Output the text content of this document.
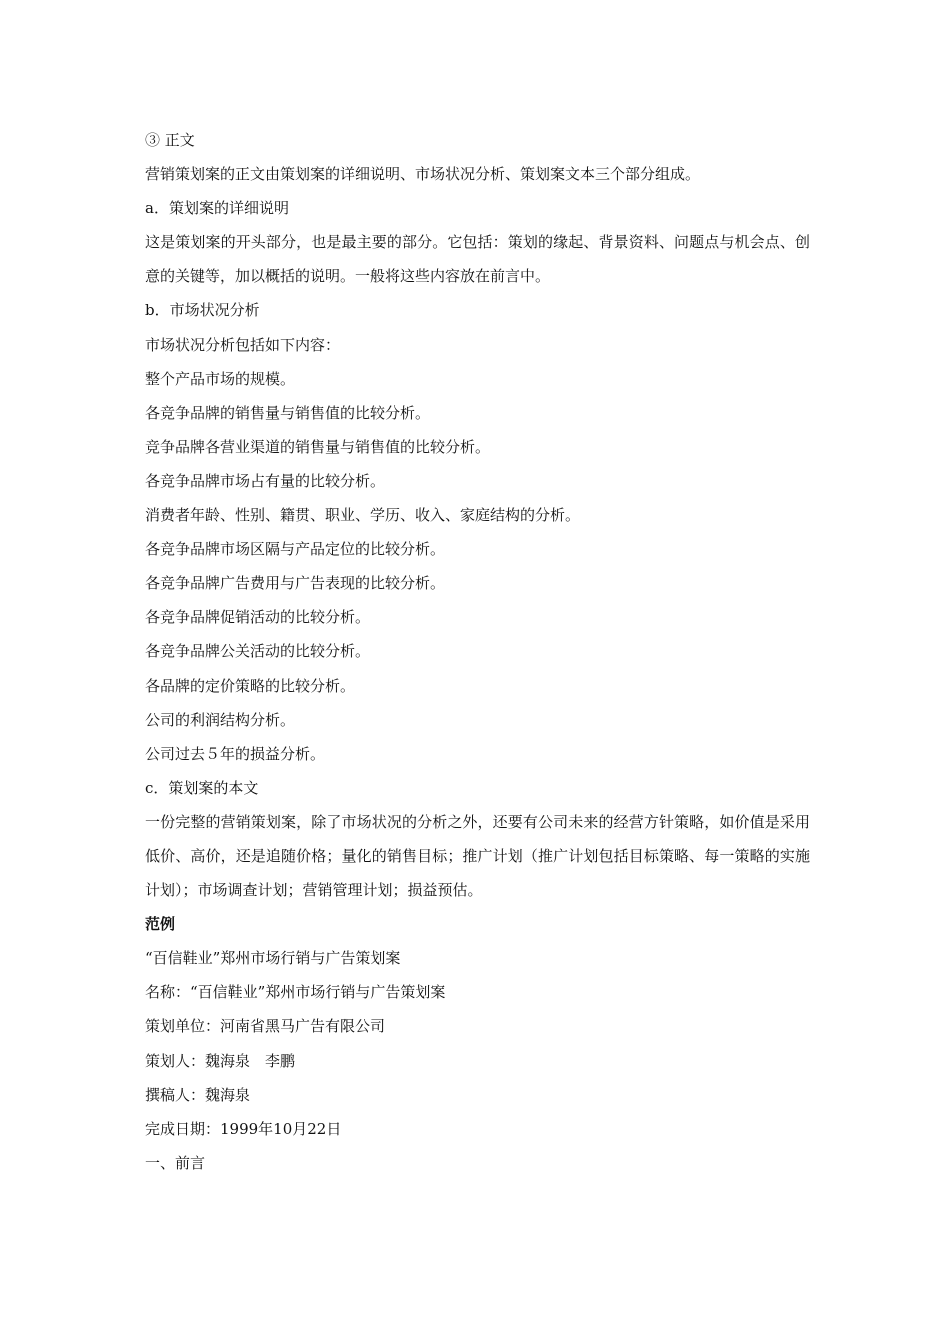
③ 正文
营销策划案的正文由策划案的详细说明、市场状况分析、策划案文本三个部分组成。
a．策划案的详细说明
这是策划案的开头部分，也是最主要的部分。它包括：策划的缘起、背景资料、问题点与机会点、创意的关键等，加以概括的说明。一般将这些内容放在前言中。
b．市场状况分析
市场状况分析包括如下内容：
整个产品市场的规模。
各竞争品牌的销售量与销售值的比较分析。
竞争品牌各营业渠道的销售量与销售值的比较分析。
各竞争品牌市场占有量的比较分析。
消费者年龄、性别、籍贯、职业、学历、收入、家庭结构的分析。
各竞争品牌市场区隔与产品定位的比较分析。
各竞争品牌广告费用与广告表现的比较分析。
各竞争品牌促销活动的比较分析。
各竞争品牌公关活动的比较分析。
各品牌的定价策略的比较分析。
公司的利润结构分析。
公司过去５年的损益分析。
c．策划案的本文
一份完整的营销策划案，除了市场状况的分析之外，还要有公司未来的经营方针策略，如价值是采用低价、高价，还是追随价格；量化的销售目标；推广计划（推广计划包括目标策略、每一策略的实施计划）；市场调查计划；营销管理计划；损益预估。
范例
“百信鞋业”郑州市场行销与广告策划案
名称：“百信鞋业”郑州市场行销与广告策划案
策划单位：河南省黑马广告有限公司
策划人：魏海泉　李鹏
撰稿人：魏海泉
完成日期：1999年10月22日
一、前言
